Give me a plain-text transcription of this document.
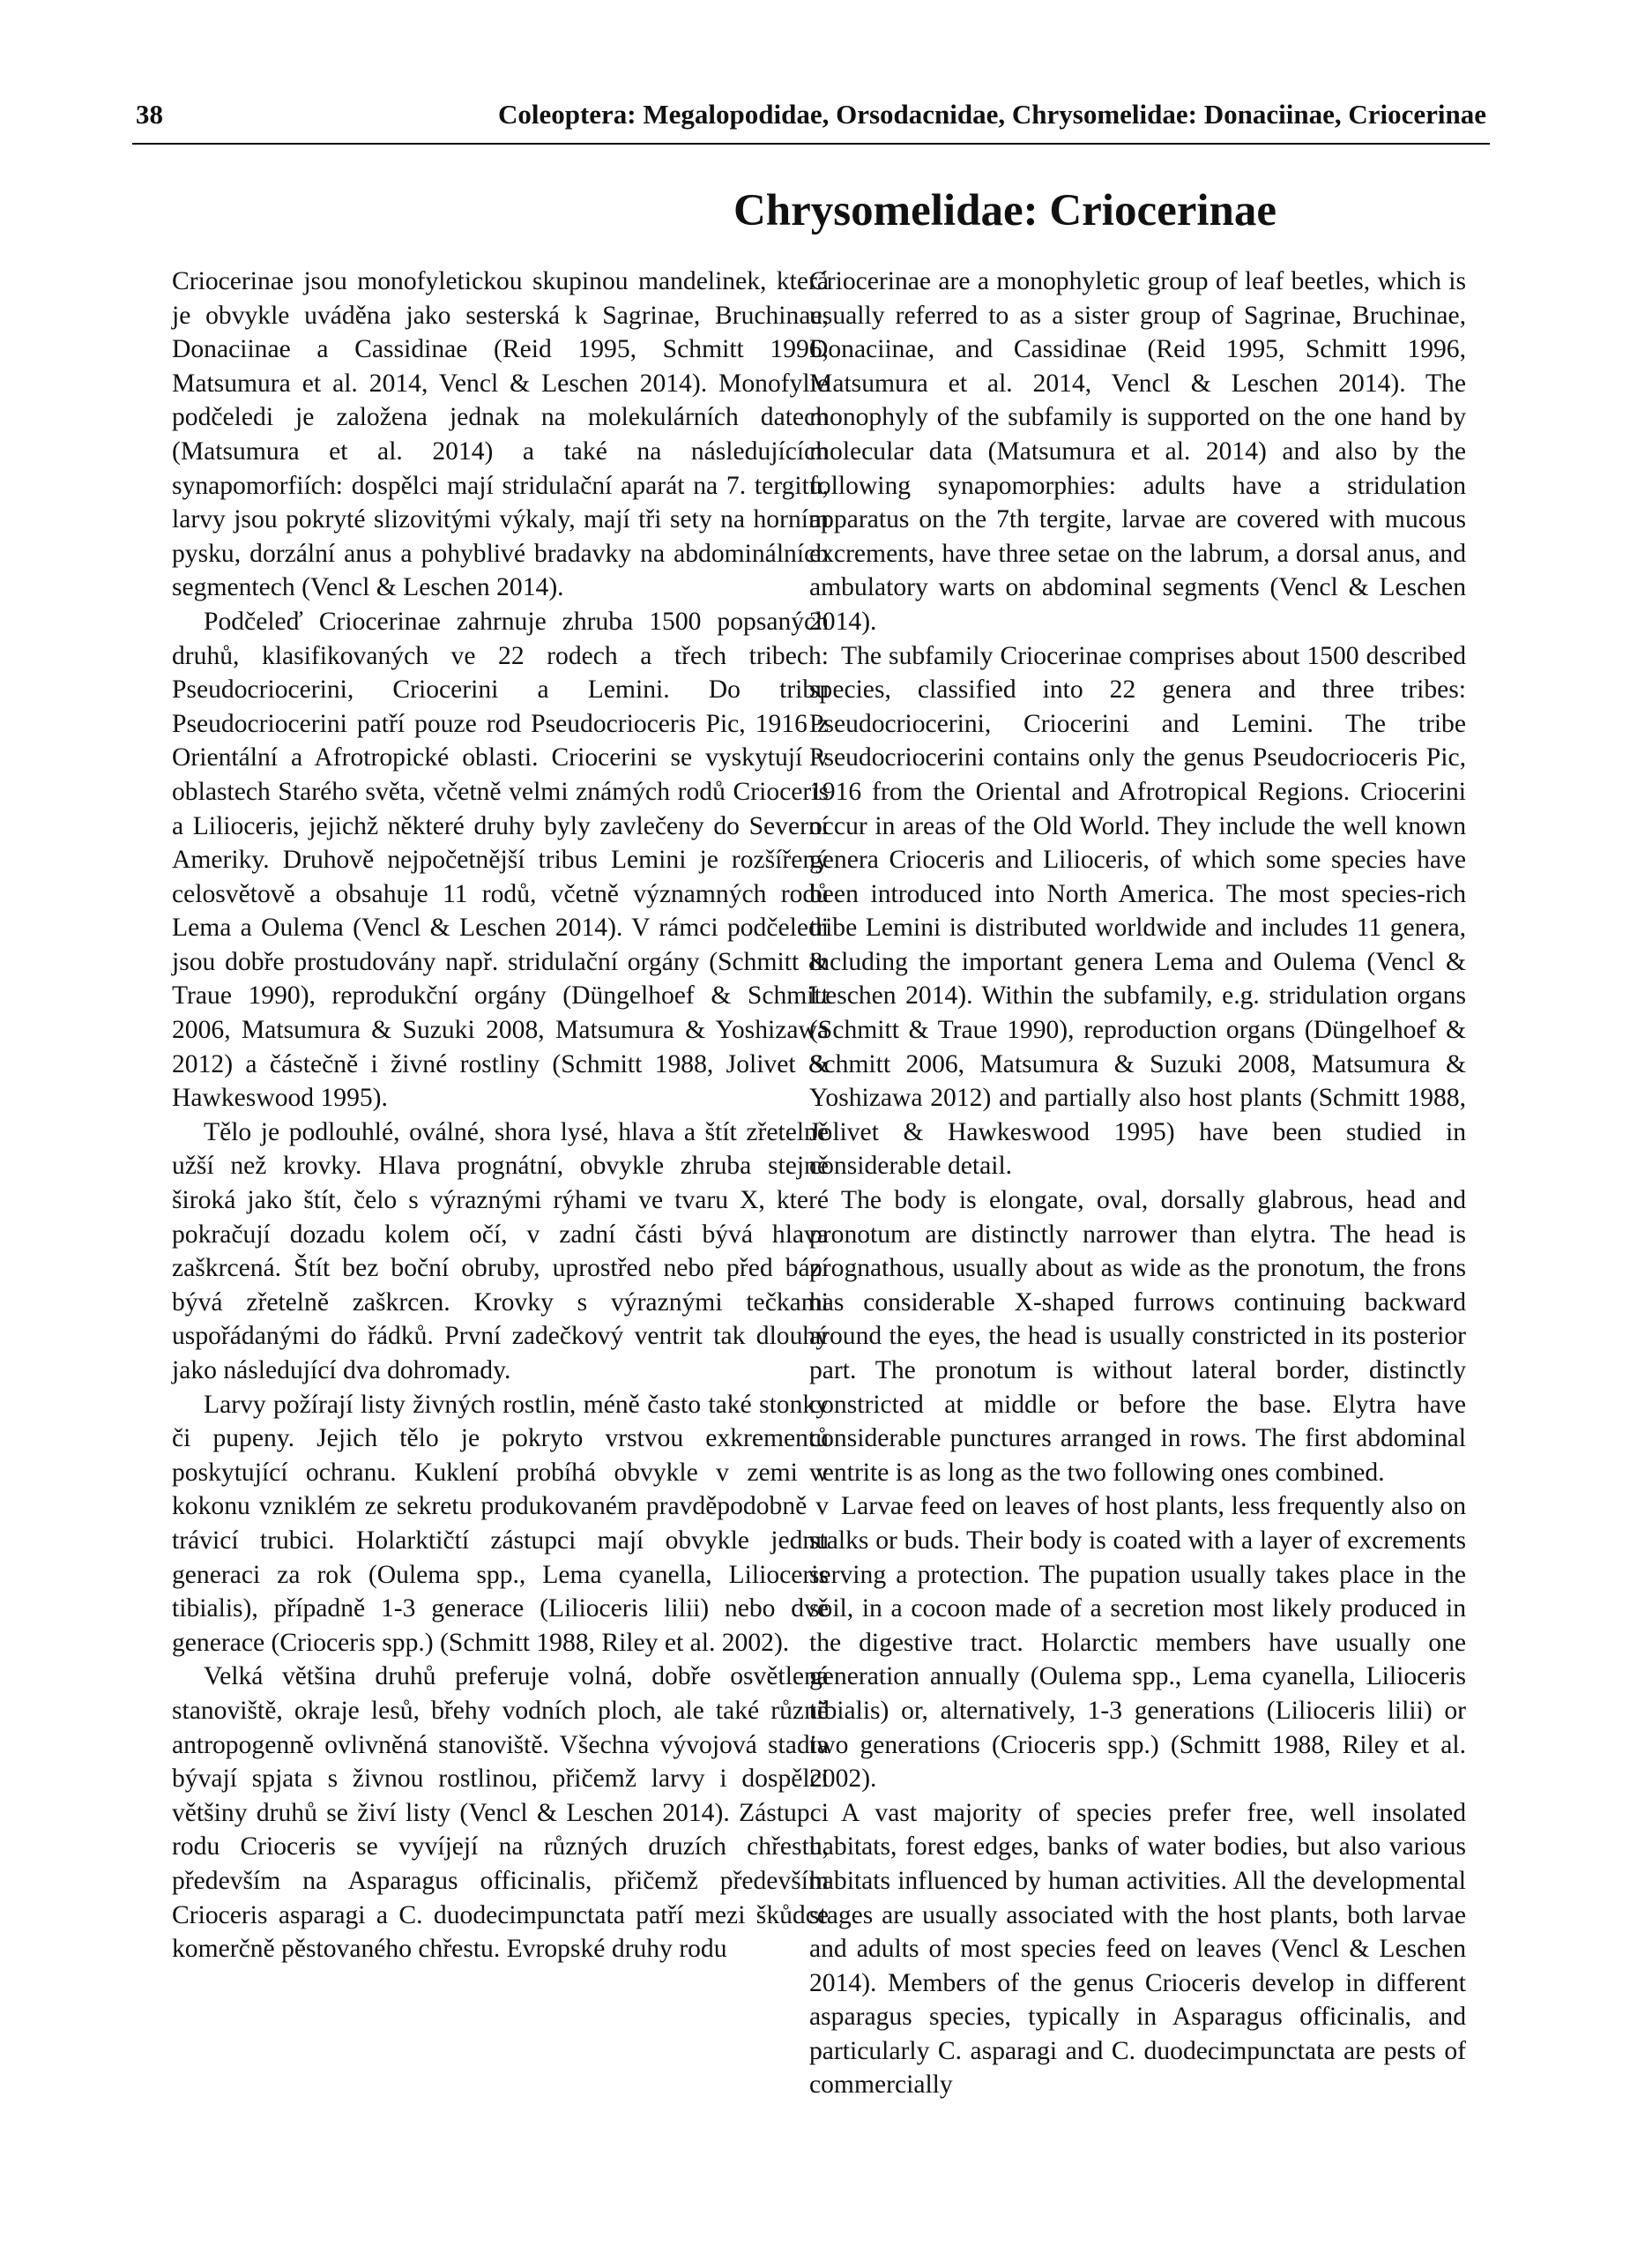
38	Coleoptera: Megalopodidae, Orsodacnidae, Chrysomelidae: Donaciinae, Criocerinae
Chrysomelidae: Criocerinae

Criocerinae jsou monofyletickou skupinou mandelinek, která je obvykle uváděna jako sesterská k Sagrinae, Bruchinae, Donaciinae a Cassidinae (Reid 1995, Schmitt 1996, Matsumura et al. 2014, Vencl & Leschen 2014). Monofylie podčeledi je založena jednak na molekulárních datech (Matsumura et al. 2014) a také na následujících synapomorfiích: dospělci mají stridulační aparát na 7. tergitu, larvy jsou pokryté slizovitými výkaly, mají tři sety na horním pysku, dorzální anus a pohyblivé bradavky na abdominálních segmentech (Vencl & Leschen 2014).

Podčeleď Criocerinae zahrnuje zhruba 1500 popsaných druhů, klasifikovaných ve 22 rodech a třech tribech: Pseudocriocerini, Criocerini a Lemini. Do tribu Pseudocriocerini patří pouze rod Pseudocrioceris Pic, 1916 z Orientální a Afrotropické oblasti. Criocerini se vyskytují v oblastech Starého světa, včetně velmi známých rodů Crioceris a Lilioceris, jejichž některé druhy byly zavlečeny do Severní Ameriky. Druhově nejpočetnější tribus Lemini je rozšířený celosvětově a obsahuje 11 rodů, včetně významných rodů Lema a Oulema (Vencl & Leschen 2014). V rámci podčeledi jsou dobře prostudovány např. stridulační orgány (Schmitt & Traue 1990), reprodukční orgány (Düngelhoef & Schmitt 2006, Matsumura & Suzuki 2008, Matsumura & Yoshizawa 2012) a částečně i živné rostliny (Schmitt 1988, Jolivet & Hawkeswood 1995).

Tělo je podlouhlé, oválné, shora lysé, hlava a štít zřetelně užší než krovky. Hlava prognátní, obvykle zhruba stejně široká jako štít, čelo s výraznými rýhami ve tvaru X, které pokračují dozadu kolem očí, v zadní části bývá hlava zaškrcená. Štít bez boční obruby, uprostřed nebo před bází bývá zřetelně zaškrcen. Krovky s výraznými tečkami uspořádanými do řádků. První zadečkový ventrit tak dlouhý jako následující dva dohromady.

Larvy požírají listy živných rostlin, méně často také stonky či pupeny. Jejich tělo je pokryto vrstvou exkrementů poskytující ochranu. Kuklení probíhá obvykle v zemi v kokonu vzniklém ze sekretu produkovaném pravděpodobně v trávicí trubici. Holarktičtí zástupci mají obvykle jednu generaci za rok (Oulema spp., Lema cyanella, Lilioceris tibialis), případně 1-3 generace (Lilioceris lilii) nebo dvě generace (Crioceris spp.) (Schmitt 1988, Riley et al. 2002).

Velká většina druhů preferuje volná, dobře osvětlená stanoviště, okraje lesů, břehy vodních ploch, ale také různě antropogenně ovlivněná stanoviště. Všechna vývojová stadia bývají spjata s živnou rostlinou, přičemž larvy i dospělci většiny druhů se živí listy (Vencl & Leschen 2014). Zástupci rodu Crioceris se vyvíjejí na různých druzích chřestu, především na Asparagus officinalis, přičemž především Crioceris asparagi a C. duodecimpunctata patří mezi škůdce komerčně pěstovaného chřestu. Evropské druhy rodu

Criocerinae are a monophyletic group of leaf beetles, which is usually referred to as a sister group of Sagrinae, Bruchinae, Donaciinae, and Cassidinae (Reid 1995, Schmitt 1996, Matsumura et al. 2014, Vencl & Leschen 2014). The monophyly of the subfamily is supported on the one hand by molecular data (Matsumura et al. 2014) and also by the following synapomorphies: adults have a stridulation apparatus on the 7th tergite, larvae are covered with mucous excrements, have three setae on the labrum, a dorsal anus, and ambulatory warts on abdominal segments (Vencl & Leschen 2014).

The subfamily Criocerinae comprises about 1500 described species, classified into 22 genera and three tribes: Pseudocriocerini, Criocerini and Lemini. The tribe Pseudocriocerini contains only the genus Pseudocrioceris Pic, 1916 from the Oriental and Afrotropical Regions. Criocerini occur in areas of the Old World. They include the well known genera Crioceris and Lilioceris, of which some species have been introduced into North America. The most species-rich tribe Lemini is distributed worldwide and includes 11 genera, including the important genera Lema and Oulema (Vencl & Leschen 2014). Within the subfamily, e.g. stridulation organs (Schmitt & Traue 1990), reproduction organs (Düngelhoef & Schmitt 2006, Matsumura & Suzuki 2008, Matsumura & Yoshizawa 2012) and partially also host plants (Schmitt 1988, Jolivet & Hawkeswood 1995) have been studied in considerable detail.

The body is elongate, oval, dorsally glabrous, head and pronotum are distinctly narrower than elytra. The head is prognathous, usually about as wide as the pronotum, the frons has considerable X-shaped furrows continuing backward around the eyes, the head is usually constricted in its posterior part. The pronotum is without lateral border, distinctly constricted at middle or before the base. Elytra have considerable punctures arranged in rows. The first abdominal ventrite is as long as the two following ones combined.

Larvae feed on leaves of host plants, less frequently also on stalks or buds. Their body is coated with a layer of excrements serving a protection. The pupation usually takes place in the soil, in a cocoon made of a secretion most likely produced in the digestive tract. Holarctic members have usually one generation annually (Oulema spp., Lema cyanella, Lilioceris tibialis) or, alternatively, 1-3 generations (Lilioceris lilii) or two generations (Crioceris spp.) (Schmitt 1988, Riley et al. 2002).

A vast majority of species prefer free, well insolated habitats, forest edges, banks of water bodies, but also various habitats influenced by human activities. All the developmental stages are usually associated with the host plants, both larvae and adults of most species feed on leaves (Vencl & Leschen 2014). Members of the genus Crioceris develop in different asparagus species, typically in Asparagus officinalis, and particularly C. asparagi and C. duodecimpunctata are pests of commercially
